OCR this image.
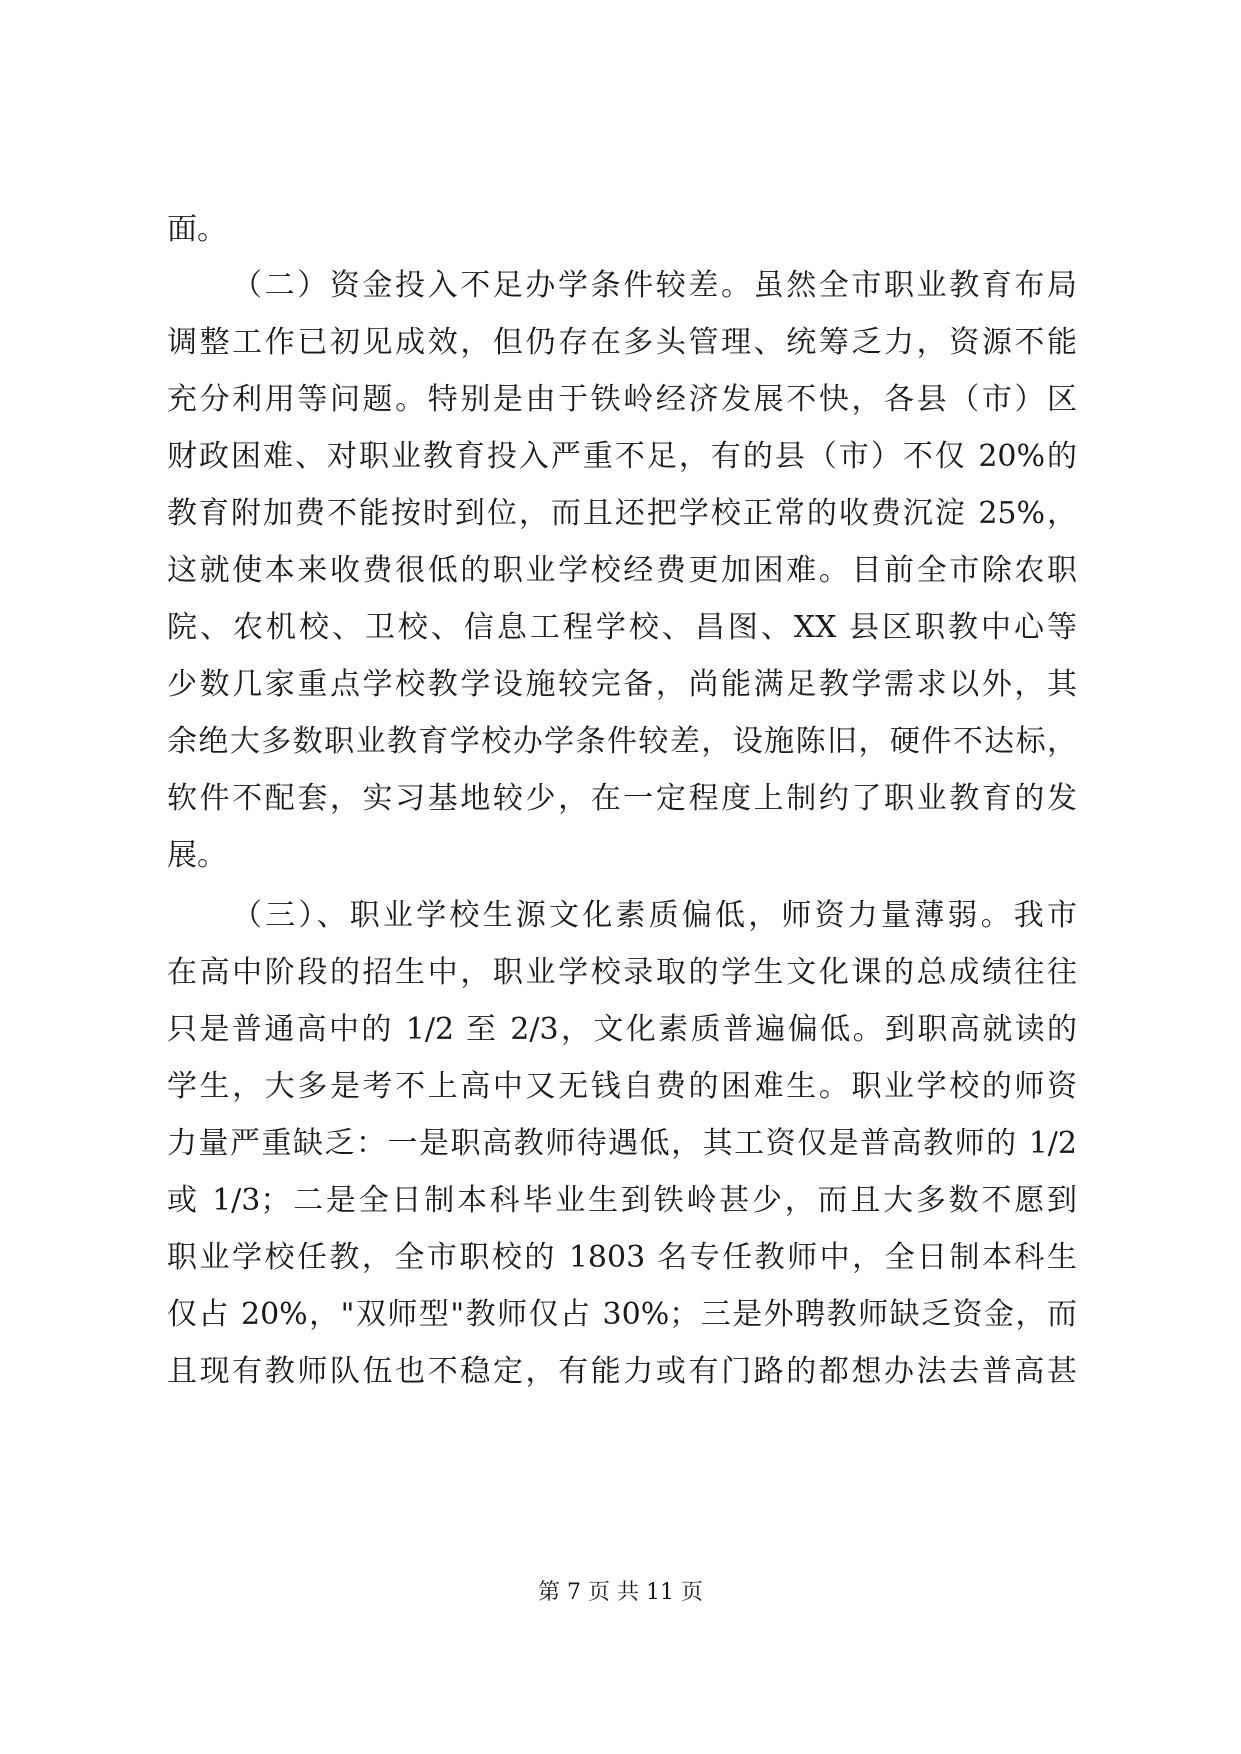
面。
（二）资金投入不足办学条件较差。虽然全市职业教育布局
调整工作已初见成效，但仍存在多头管理、统筹乏力，资源不能
充分利用等问题。特别是由于铁岭经济发展不快，各县（市）区
财政困难、对职业教育投入严重不足，有的县（市）不仅 20%的
教育附加费不能按时到位，而且还把学校正常的收费沉淀 25%，
这就使本来收费很低的职业学校经费更加困难。目前全市除农职
院、农机校、卫校、信息工程学校、昌图、XX 县区职教中心等
少数几家重点学校教学设施较完备，尚能满足教学需求以外，其
余绝大多数职业教育学校办学条件较差，设施陈旧，硬件不达标，
软件不配套，实习基地较少，在一定程度上制约了职业教育的发
展。
（三）、职业学校生源文化素质偏低，师资力量薄弱。我市
在高中阶段的招生中，职业学校录取的学生文化课的总成绩往往
只是普通高中的 1/2 至 2/3，文化素质普遍偏低。到职高就读的
学生，大多是考不上高中又无钱自费的困难生。职业学校的师资
力量严重缺乏：一是职高教师待遇低，其工资仅是普高教师的 1/2
或 1/3；二是全日制本科毕业生到铁岭甚少，而且大多数不愿到
职业学校任教，全市职校的 1803 名专任教师中，全日制本科生
仅占 20%，"双师型"教师仅占 30%；三是外聘教师缺乏资金，而
且现有教师队伍也不稳定，有能力或有门路的都想办法去普高甚
第 7 页 共 11 页
